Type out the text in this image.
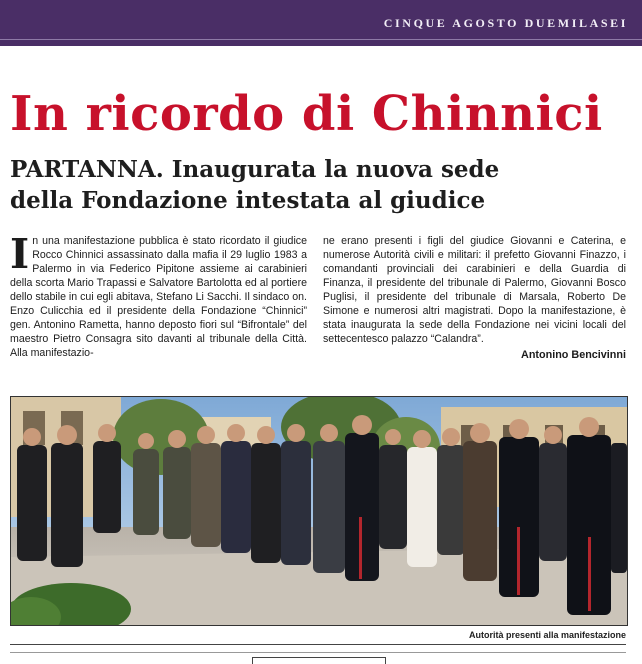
CINQUE AGOSTO DUEMILASEI
In ricordo di Chinnici
PARTANNA. Inaugurata la nuova sede
della Fondazione intestata al giudice
In una manifestazione pubblica è stato ricordato il giudice Rocco Chinnici assassinato dalla mafia il 29 luglio 1983 a Palermo in via Federico Pipitone assieme ai carabinieri della scorta Mario Trapassi e Salvatore Bartolotta ed al portiere dello stabile in cui egli abitava, Stefano Li Sacchi. Il sindaco on. Enzo Culicchia ed il presidente della Fondazione “Chinnici” gen. Antonino Rametta, hanno deposto fiori sul “Bifrontale” del maestro Pietro Consagra sito davanti al tribunale della Città. Alla manifestazio-
ne erano presenti i figli del giudice Giovanni e Caterina, e numerose Autorità civili e militari: il prefetto Giovanni Finazzo, i comandanti provinciali dei carabinieri e della Guardia di Finanza, il presidente del tribunale di Palermo, Giovanni Bosco Puglisi, il presidente del tribunale di Marsala, Roberto De Simone e numerosi altri magistrati. Dopo la manifestazione, è stata inaugurata la sede della Fondazione nei vicini locali del settecentesco palazzo “Calandra”.
Antonino Bencivinni
Autorità presenti alla manifestazione
